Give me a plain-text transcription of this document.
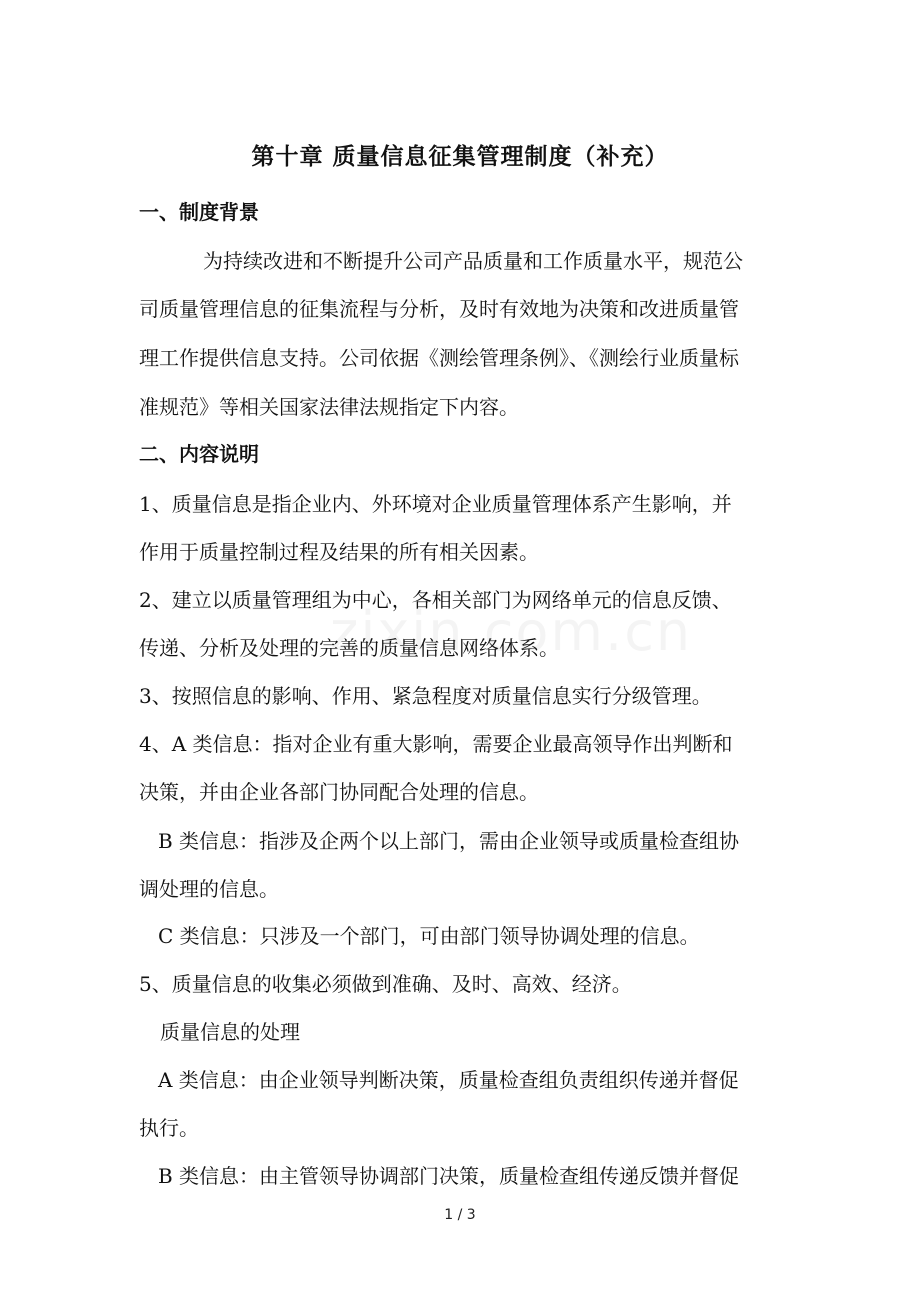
第十章 质量信息征集管理制度（补充）
一、制度背景
为持续改进和不断提升公司产品质量和工作质量水平，规范公
司质量管理信息的征集流程与分析，及时有效地为决策和改进质量管
理工作提供信息支持。公司依据《测绘管理条例》、《测绘行业质量标
准规范》等相关国家法律法规指定下内容。
二、内容说明
1、质量信息是指企业内、外环境对企业质量管理体系产生影响，并
作用于质量控制过程及结果的所有相关因素。
2、建立以质量管理组为中心，各相关部门为网络单元的信息反馈、
传递、分析及处理的完善的质量信息网络体系。
3、按照信息的影响、作用、紧急程度对质量信息实行分级管理。
4、A 类信息：指对企业有重大影响，需要企业最高领导作出判断和
决策，并由企业各部门协同配合处理的信息。
B 类信息：指涉及企两个以上部门，需由企业领导或质量检查组协
调处理的信息。
C 类信息：只涉及一个部门，可由部门领导协调处理的信息。
5、质量信息的收集必须做到准确、及时、高效、经济。
质量信息的处理
A 类信息：由企业领导判断决策，质量检查组负责组织传递并督促
执行。
B 类信息：由主管领导协调部门决策，质量检查组传递反馈并督促
1 / 3
